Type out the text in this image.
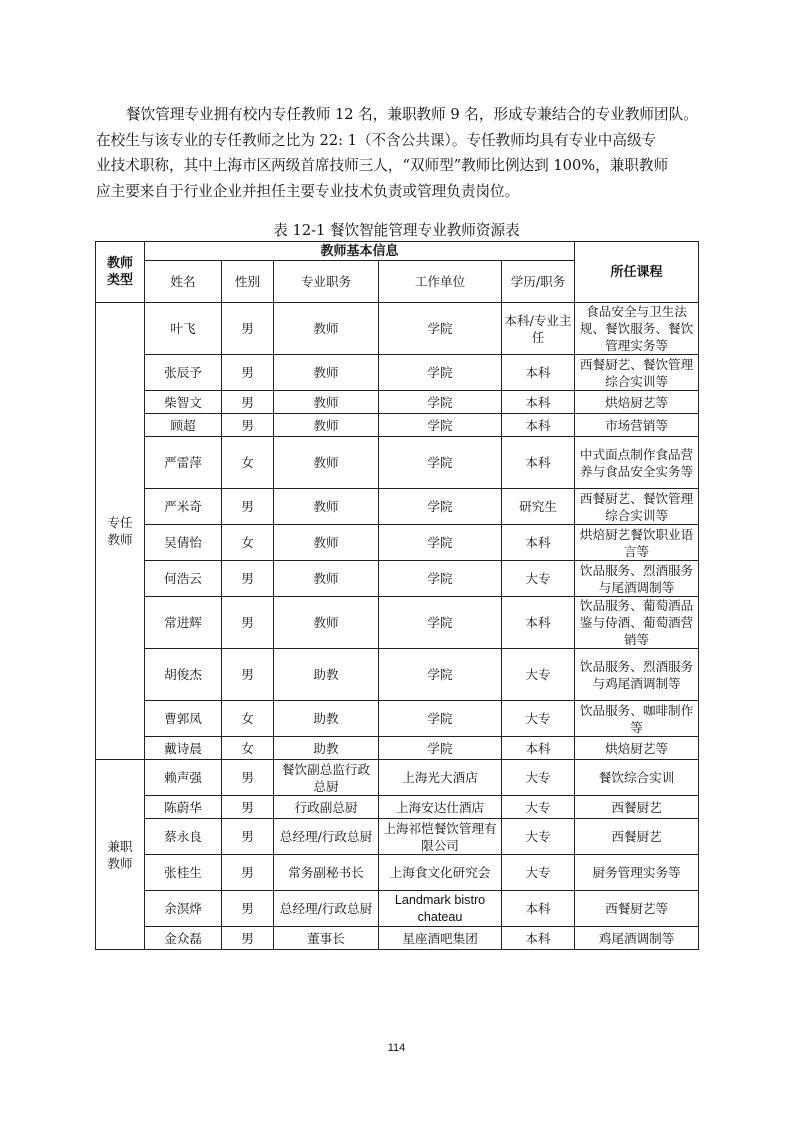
餐饮管理专业拥有校内专任教师 12 名，兼职教师 9 名，形成专兼结合的专业教师团队。
在校生与该专业的专任教师之比为 22: 1（不含公共课）。专任教师均具有专业中高级专
业技术职称，其中上海市区两级首席技师三人，“双师型”教师比例达到 100%，兼职教师
应主要来自于行业企业并担任主要专业技术负责或管理负责岗位。

表 12-1 餐饮智能管理专业教师资源表
教师类型	教师基本信息					所任课程
	姓名	性别	专业职务	工作单位	学历/职务	
专任教师	叶飞	男	教师	学院	本科/专业主任	食品安全与卫生法规、餐饮服务、餐饮管理实务等
	张辰予	男	教师	学院	本科	西餐厨艺、餐饮管理综合实训等
	柴智文	男	教师	学院	本科	烘焙厨艺等
	顾超	男	教师	学院	本科	市场营销等
	严雷萍	女	教师	学院	本科	中式面点制作食品营养与食品安全实务等
	严米奇	男	教师	学院	研究生	西餐厨艺、餐饮管理综合实训等
	吴倩怡	女	教师	学院	本科	烘焙厨艺餐饮职业语言等
	何浩云	男	教师	学院	大专	饮品服务、烈酒服务与尾酒调制等
	常进辉	男	教师	学院	本科	饮品服务、葡萄酒品鉴与侍酒、葡萄酒营销等
	胡俊杰	男	助教	学院	大专	饮品服务、烈酒服务与鸡尾酒调制等
	曹郭凤	女	助教	学院	大专	饮品服务、咖啡制作等
	戴诗晨	女	助教	学院	本科	烘焙厨艺等
兼职教师	赖声强	男	餐饮副总监行政总厨	上海光大酒店	大专	餐饮综合实训
	陈蔚华	男	行政副总厨	上海安达仕酒店	大专	西餐厨艺
	蔡永良	男	总经理/行政总厨	上海祁恺餐饮管理有限公司	大专	西餐厨艺
	张桂生	男	常务副秘书长	上海食文化研究会	大专	厨务管理实务等
	余溟烨	男	总经理/行政总厨	Landmark bistro chateau	本科	西餐厨艺等
	金众磊	男	董事长	星座酒吧集团	本科	鸡尾酒调制等
114
